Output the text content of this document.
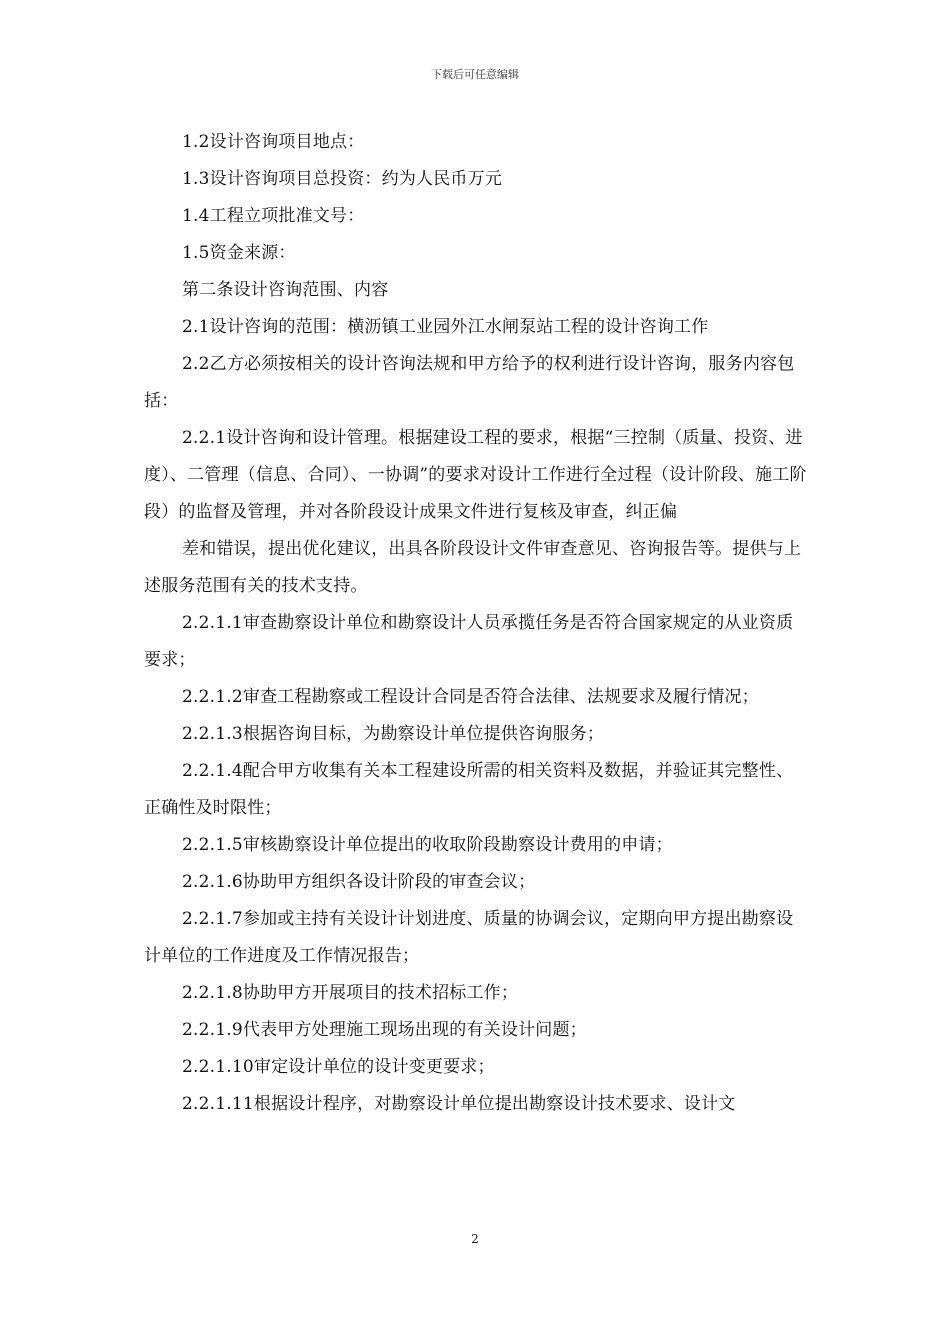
下载后可任意编辑

1.2设计咨询项目地点：

1.3设计咨询项目总投资：约为人民币万元

1.4工程立项批准文号：

1.5资金来源：

第二条设计咨询范围、内容

2.1设计咨询的范围：横沥镇工业园外江水闸泵站工程的设计咨询工作

2.2乙方必须按相关的设计咨询法规和甲方给予的权利进行设计咨询，服务内容包括：

2.2.1设计咨询和设计管理。根据建设工程的要求，根据“三控制（质量、投资、进度）、二管理（信息、合同）、一协调”的要求对设计工作进行全过程（设计阶段、施工阶段）的监督及管理，并对各阶段设计成果文件进行复核及审查，纠正偏

差和错误，提出优化建议，出具各阶段设计文件审查意见、咨询报告等。提供与上述服务范围有关的技术支持。

2.2.1.1审查勘察设计单位和勘察设计人员承揽任务是否符合国家规定的从业资质要求；

2.2.1.2审查工程勘察或工程设计合同是否符合法律、法规要求及履行情况；

2.2.1.3根据咨询目标，为勘察设计单位提供咨询服务；

2.2.1.4配合甲方收集有关本工程建设所需的相关资料及数据，并验证其完整性、正确性及时限性；

2.2.1.5审核勘察设计单位提出的收取阶段勘察设计费用的申请；

2.2.1.6协助甲方组织各设计阶段的审查会议；

2.2.1.7参加或主持有关设计计划进度、质量的协调会议，定期向甲方提出勘察设计单位的工作进度及工作情况报告；

2.2.1.8协助甲方开展项目的技术招标工作；

2.2.1.9代表甲方处理施工现场出现的有关设计问题；

2.2.1.10审定设计单位的设计变更要求；

2.2.1.11根据设计程序，对勘察设计单位提出勘察设计技术要求、设计文

2
